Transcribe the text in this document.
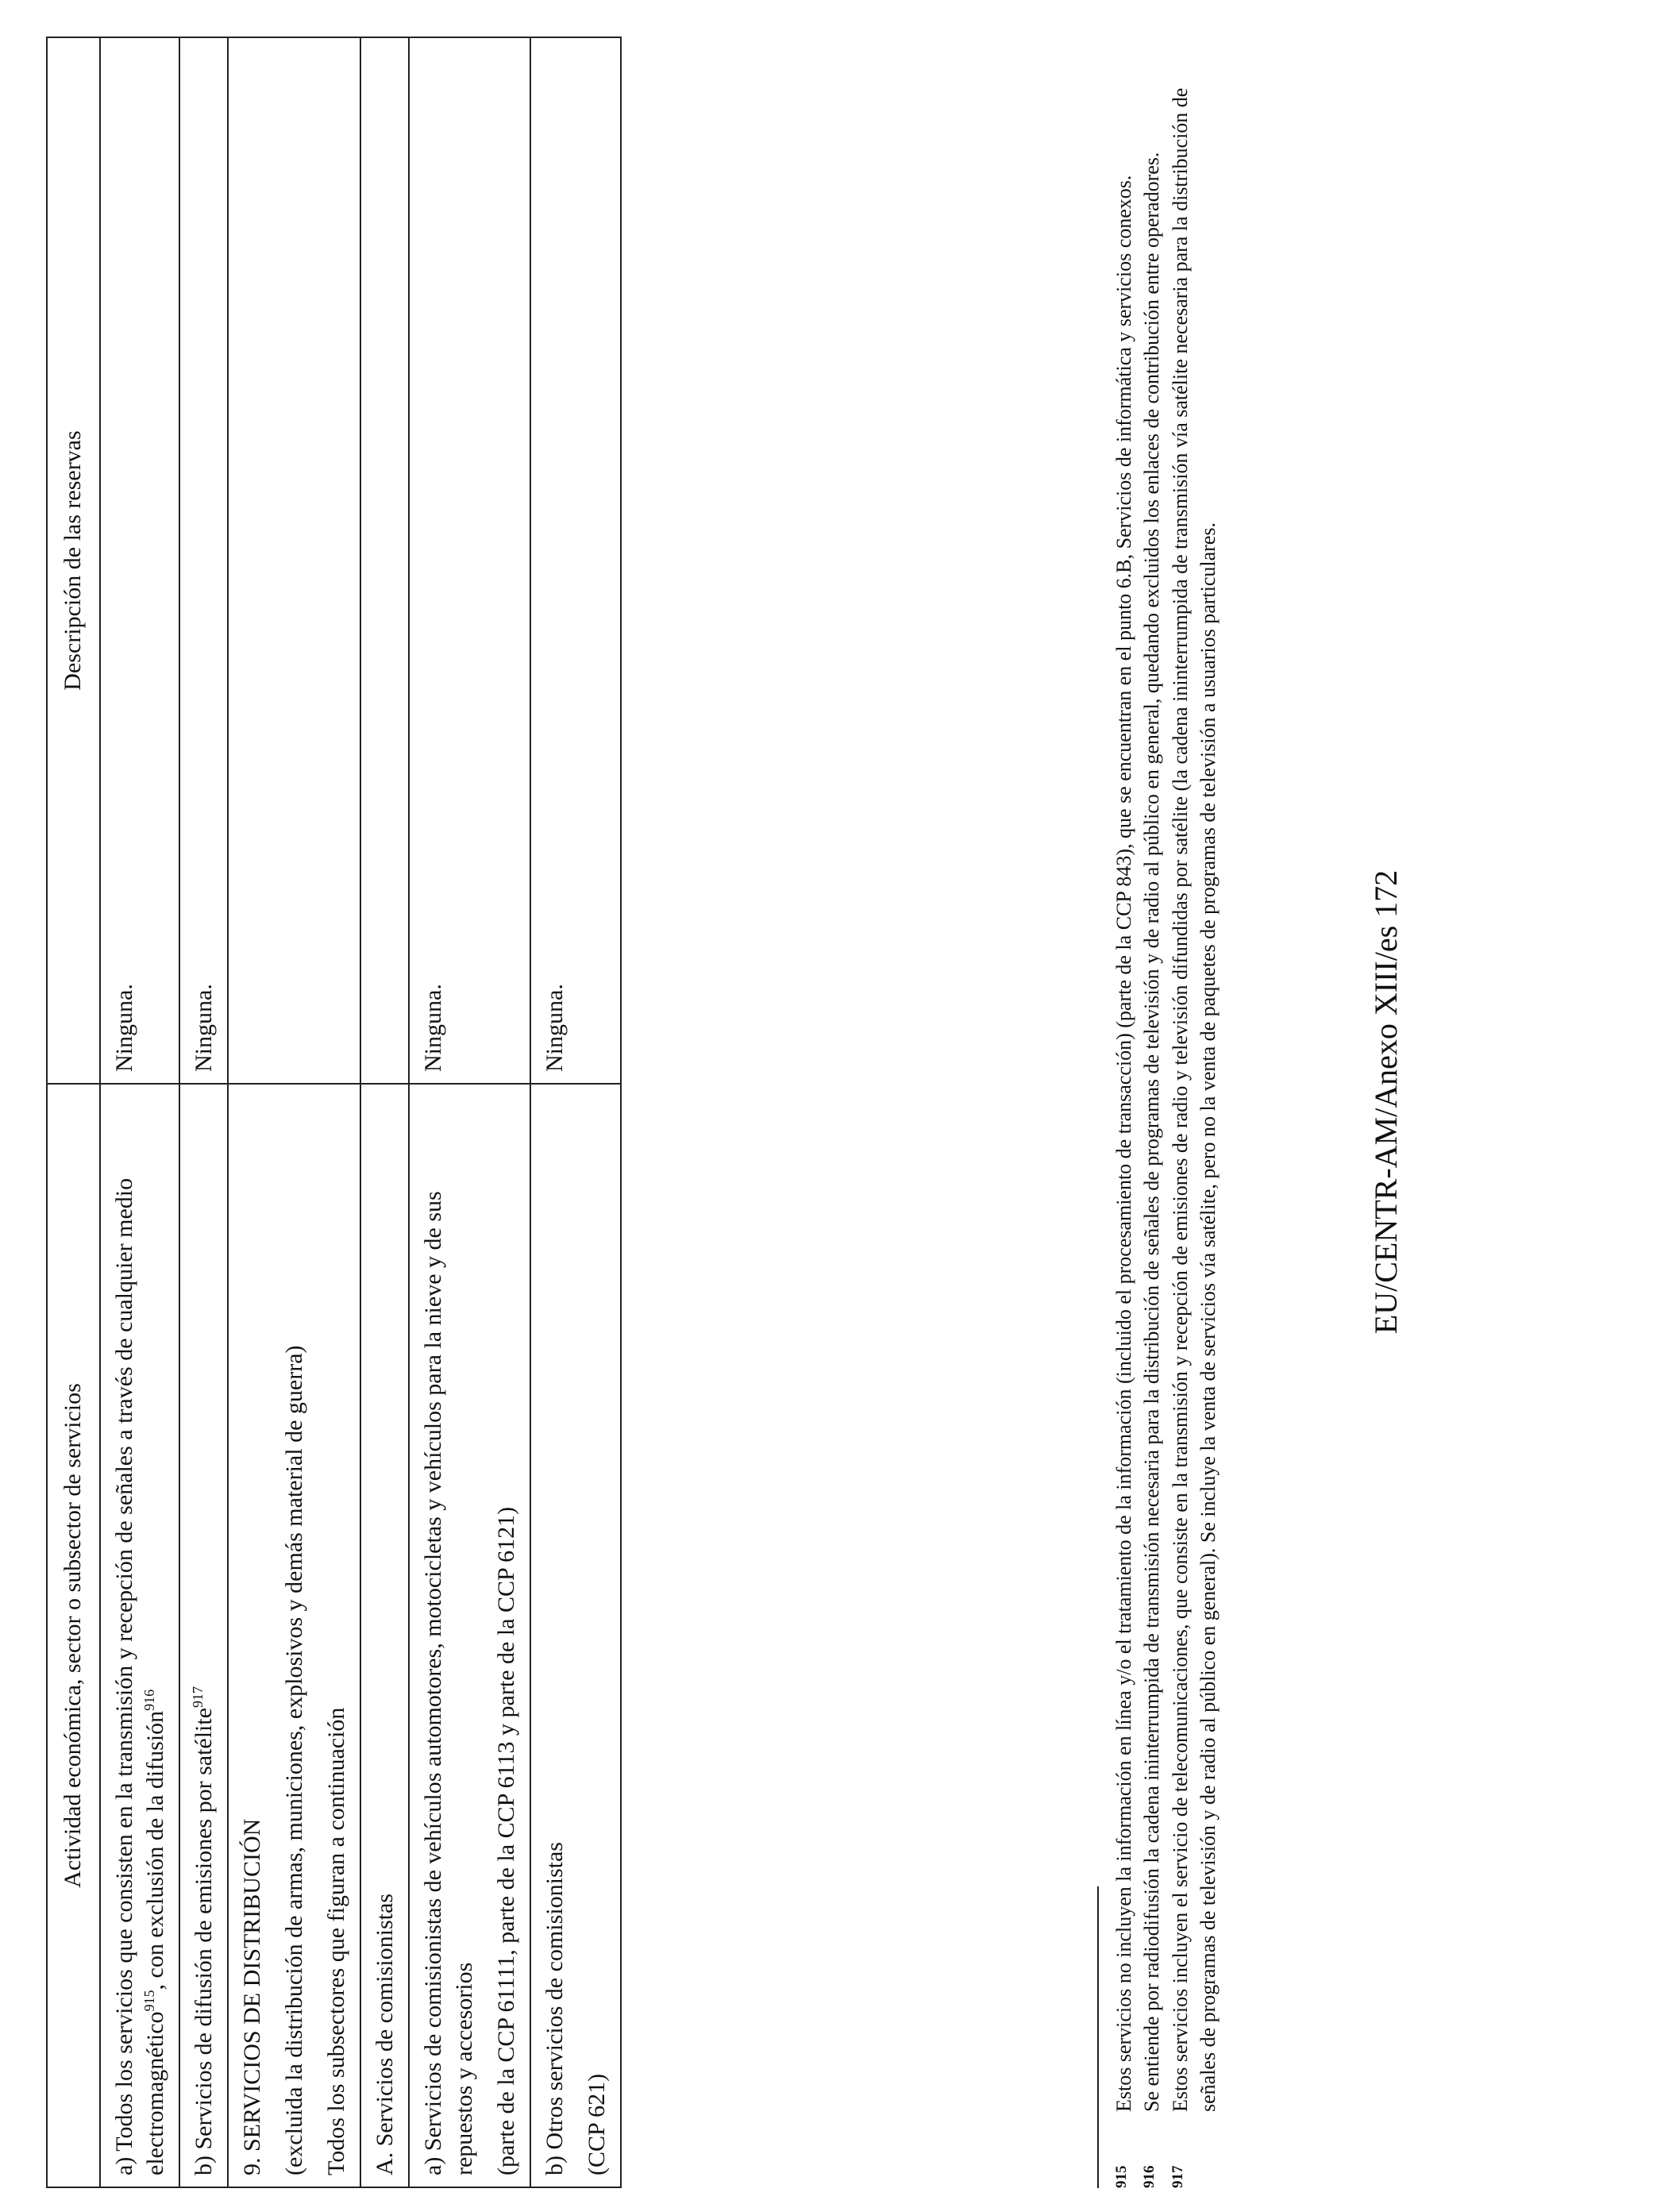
Actividad económica, sector o subsector de servicios	Descripción de las reservas
a) Todos los servicios que consisten en la transmisión y recepción de señales a través de cualquier medio electromagnético$^{915}$, con exclusión de la difusión$^{916}$	Ninguna.
b) Servicios de difusión de emisiones por satélite$^{917}$	Ninguna.

9. SERVICIOS DE DISTRIBUCIÓN (excluida la distribución de armas, municiones, explosivos y demás material de guerra) Todos los subsectores que figuran a continuación	

A. Servicios de comisionistas	

a) Servicios de comisionistas de vehículos automotores, motocicletas y vehículos para la nieve y de sus repuestos y accesorios (parte de la CCP 61111, parte de la CCP 6113 y parte de la CCP 6121)	Ninguna.

b) Otros servicios de comisionistas (CCP 621)	Ninguna.
915
Estos servicios no incluyen la información en línea y/o el tratamiento de la información (incluido el procesamiento de transacción) (parte de la CCP 843), que se encuentran en el punto 6.B, Servicios de informática y servicios conexos.
916
Se entiende por radiodifusión la cadena ininterrumpida de transmisión necesaria para la distribución de señales de programas de televisión y de radio al público en general, quedando excluidos los enlaces de contribución entre operadores.
917
Estos servicios incluyen el servicio de telecomunicaciones, que consiste en la transmisión y recepción de emisiones de radio y televisión difundidas por satélite (la cadena ininterrumpida de transmisión vía satélite necesaria para la distribución de señales de programas de televisión y de radio al público en general). Se incluye la venta de servicios vía satélite, pero no la venta de paquetes de programas de televisión a usuarios particulares.	EU/CENTR-AM/Anexo XIII/es 172
